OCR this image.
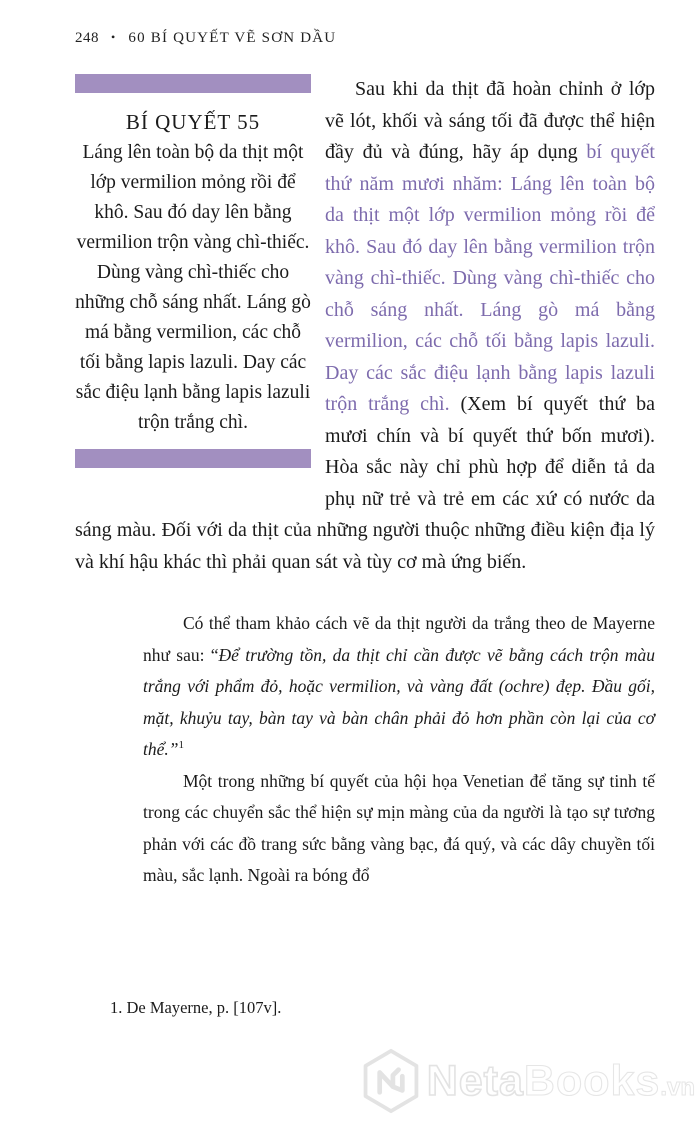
248 • 60 BÍ QUYẾT VẼ SƠN DẦU
BÍ QUYẾT 55

Láng lên toàn bộ da thịt một lớp vermilion mỏng rồi để khô. Sau đó day lên bằng vermilion trộn vàng chì-thiếc. Dùng vàng chì-thiếc cho những chỗ sáng nhất. Láng gò má bằng vermilion, các chỗ tối bằng lapis lazuli. Day các sắc điệu lạnh bằng lapis lazuli trộn trắng chì.

Sau khi da thịt đã hoàn chỉnh ở lớp vẽ lót, khối và sáng tối đã được thể hiện đầy đủ và đúng, hãy áp dụng bí quyết thứ năm mươi nhăm: Láng lên toàn bộ da thịt một lớp vermilion mỏng rồi để khô. Sau đó day lên bằng vermilion trộn vàng chì-thiếc. Dùng vàng chì-thiếc cho chỗ sáng nhất. Láng gò má bằng vermilion, các chỗ tối bằng lapis lazuli. Day các sắc điệu lạnh bằng lapis lazuli trộn trắng chì. (Xem bí quyết thứ ba mươi chín và bí quyết thứ bốn mươi). Hòa sắc này chỉ phù hợp để diễn tả da phụ nữ trẻ và trẻ em các xứ có nước da sáng màu. Đối với da thịt của những người thuộc những điều kiện địa lý và khí hậu khác thì phải quan sát và tùy cơ mà ứng biến.

Có thể tham khảo cách vẽ da thịt người da trắng theo de Mayerne như sau: “Để trường tồn, da thịt chỉ cần được vẽ bằng cách trộn màu trắng với phẩm đỏ, hoặc vermilion, và vàng đất (ochre) đẹp. Đầu gối, mặt, khuỷu tay, bàn tay và bàn chân phải đỏ hơn phần còn lại của cơ thể.”$^1$

Một trong những bí quyết của hội họa Venetian để tăng sự tinh tế trong các chuyển sắc thể hiện sự mịn màng của da người là tạo sự tương phản với các đồ trang sức bằng vàng bạc, đá quý, và các dây chuyền tối màu, sắc lạnh. Ngoài ra bóng đổ

1. De Mayerne, p. [107v].
NetaBooks.vn
